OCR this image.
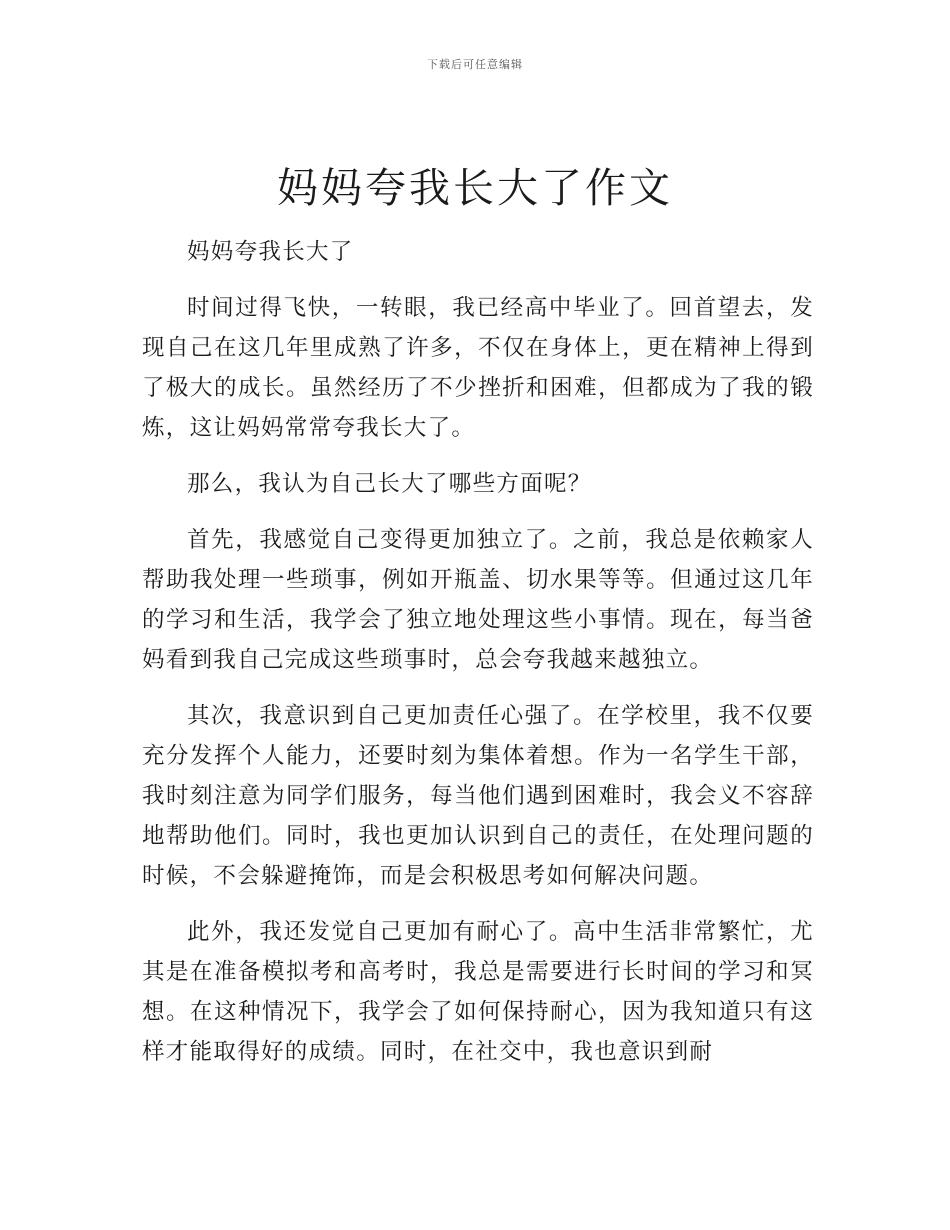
下载后可任意编辑
妈妈夸我长大了作文

妈妈夸我长大了

时间过得飞快，一转眼，我已经高中毕业了。回首望去，发现自己在这几年里成熟了许多，不仅在身体上，更在精神上得到了极大的成长。虽然经历了不少挫折和困难，但都成为了我的锻炼，这让妈妈常常夸我长大了。

那么，我认为自己长大了哪些方面呢？

首先，我感觉自己变得更加独立了。之前，我总是依赖家人帮助我处理一些琐事，例如开瓶盖、切水果等等。但通过这几年的学习和生活，我学会了独立地处理这些小事情。现在，每当爸妈看到我自己完成这些琐事时，总会夸我越来越独立。

其次，我意识到自己更加责任心强了。在学校里，我不仅要充分发挥个人能力，还要时刻为集体着想。作为一名学生干部，我时刻注意为同学们服务，每当他们遇到困难时，我会义不容辞地帮助他们。同时，我也更加认识到自己的责任，在处理问题的时候，不会躲避掩饰，而是会积极思考如何解决问题。

此外，我还发觉自己更加有耐心了。高中生活非常繁忙，尤其是在准备模拟考和高考时，我总是需要进行长时间的学习和冥想。在这种情况下，我学会了如何保持耐心，因为我知道只有这样才能取得好的成绩。同时，在社交中，我也意识到耐
